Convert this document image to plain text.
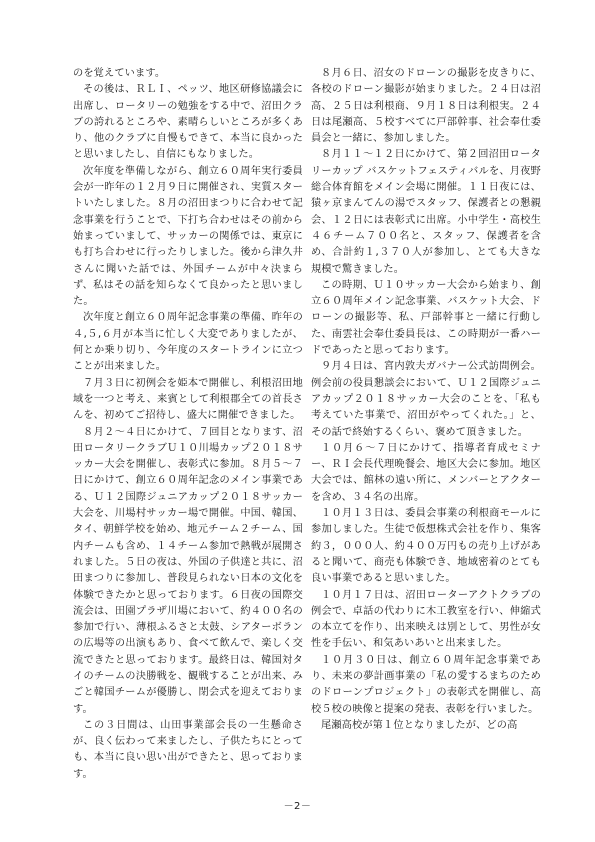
のを覚えています。

その後は、ＲＬＩ、ペッツ、地区研修協議会に出席し、ロータリーの勉強をする中で、沼田クラブの誇れるところや、素晴らしいところが多くあり、他のクラブに自慢もできて、本当に良かったと思いましたし、自信にもなりました。

次年度を準備しながら、創立６０周年実行委員会が一昨年の１２月９日に開催され、実質スタートいたしました。８月の沼田まつりに合わせて記念事業を行うことで、下打ち合わせはその前から始まっていまして、サッカーの関係では、東京にも打ち合わせに行ったりしました。後から津久井さんに聞いた話では、外国チームが中々決まらず、私はその話を知らなくて良かったと思いました。

次年度と創立６０周年記念事業の準備、昨年の４,５,６月が本当に忙しく大変でありましたが、何とか乗り切り、今年度のスタートラインに立つことが出来ました。

７月３日に初例会を姫本で開催し、利根沼田地域を一つと考え、来賓として利根郡全ての首長さんを、初めてご招待し、盛大に開催できました。

８月２～４日にかけて、７回目となります、沼田ロータリークラブＵ１０川場カップ２０１８サッカー大会を開催し、表彰式に参加。８月５～７日にかけて、創立６０周年記念のメイン事業である、Ｕ１２国際ジュニアカップ２０１８サッカー大会を、川場村サッカー場で開催。中国、韓国、タイ、朝鮮学校を始め、地元チーム２チーム、国内チームも含め、１４チーム参加で熱戦が展開されました。５日の夜は、外国の子供達と共に、沼田まつりに参加し、普段見られない日本の文化を体験できたかと思っております。６日夜の国際交流会は、田園プラザ川場において、約４００名の参加で行い、薄根ふるさと太鼓、シアターボランの広場等の出演もあり、食べて飲んで、楽しく交流できたと思っております。最終日は、韓国対タイのチームの決勝戦を、観戦することが出来、みごと韓国チームが優勝し、閉会式を迎えております。

この３日間は、山田事業部会長の一生懸命さが、良く伝わって来ましたし、子供たちにとっても、本当に良い思い出ができたと、思っております。

８月６日、沼女のドローンの撮影を皮きりに、各校のドローン撮影が始まりました。２４日は沼高、２５日は利根商、９月１８日は利根実。２４日は尾瀬高、５校すべてに戸部幹事、社会奉仕委員会と一緒に、参加しました。

８月１１～１２日にかけて、第２回沼田ロータリーカップ バスケットフェスティバルを、月夜野総合体育館をメイン会場に開催。１１日夜には、猿ヶ京まんてんの湯でスタッフ、保護者との懇親会、１２日には表彰式に出席。小中学生・高校生　４６チーム７００名と、スタッフ、保護者を含め、合計約１,３７０人が参加し、とても大きな規模で驚きました。

この時期、Ｕ１０サッカー大会から始まり、創立６０周年メイン記念事業、バスケット大会、ドローンの撮影等、私、戸部幹事と一緒に行動した、南雲社会奉仕委員長は、この時期が一番ハードであったと思っております。

９月４日は、宮内敦夫ガバナー公式訪問例会。例会前の役員懇談会において、Ｕ１２国際ジュニアカップ２０１８サッカー大会のことを、「私も考えていた事業で、沼田がやってくれた。」と、その話で終始するくらい、褒めて頂きました。

１０月６～７日にかけて、指導者育成セミナー、ＲＩ会長代理晩餐会、地区大会に参加。地区大会では、館林の遠い所に、メンバーとアクターを含め、３４名の出席。

１０月１３日は、委員会事業の利根商モールに参加しました。生徒で仮想株式会社を作り、集客約３，０００人、約４００万円もの売り上げがあると聞いて、商売も体験でき、地域密着のとても良い事業であると思いました。

１０月１７日は、沼田ローターアクトクラブの例会で、卓話の代わりに木工教室を行い、伸縮式の本立てを作り、出来映えは別として、男性が女性を手伝い、和気あいあいと出来ました。

１０月３０日は、創立６０周年記念事業であり、未来の夢計画事業の「私の愛するまちのためのドローンプロジェクト」の表彰式を開催し、高校５校の映像と提案の発表、表彰を行いました。

尾瀬高校が第１位となりましたが、どの高

－2－
